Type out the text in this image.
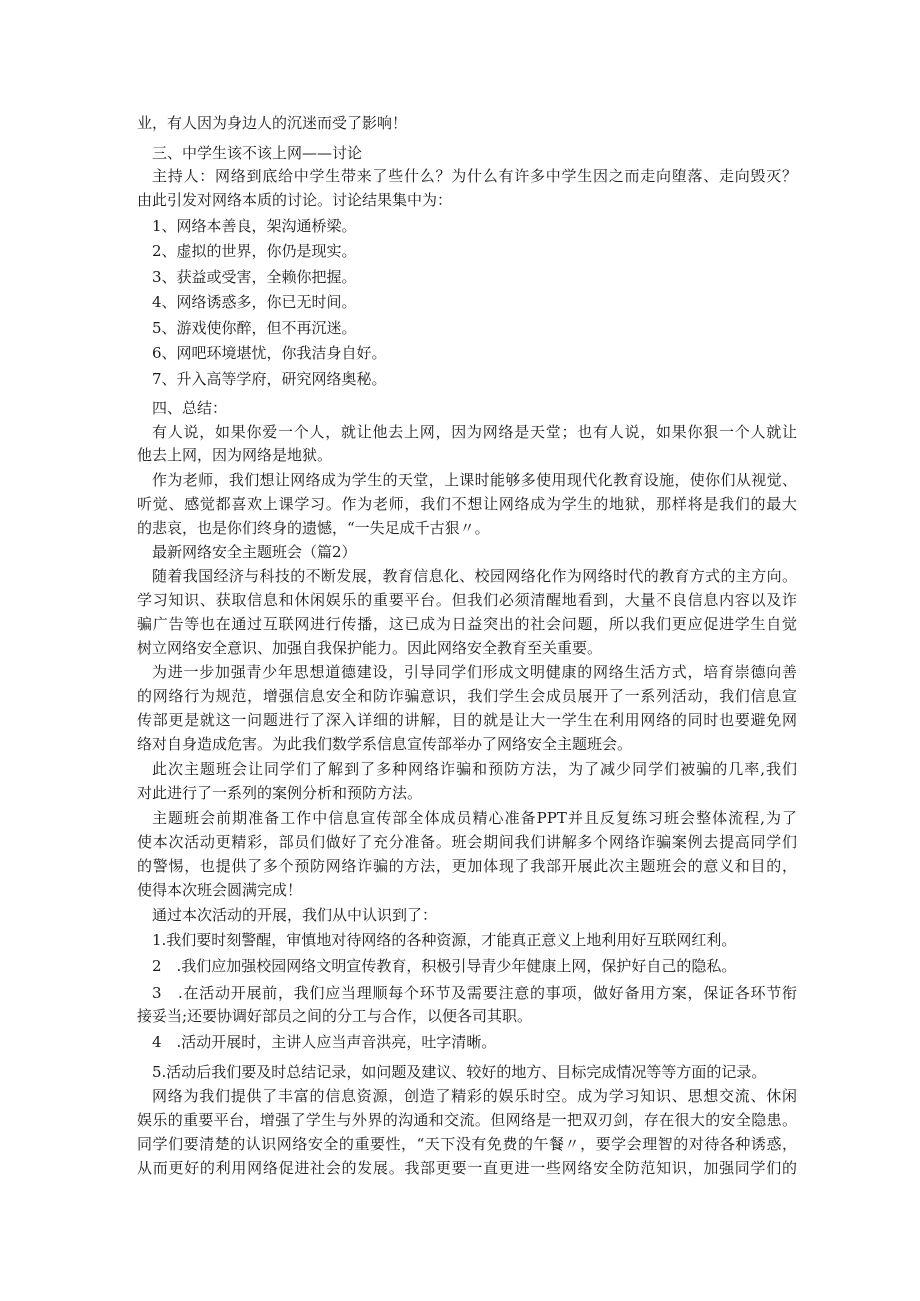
业，有人因为身边人的沉迷而受了影响！
三、中学生该不该上网——讨论
主持人：网络到底给中学生带来了些什么？为什么有许多中学生因之而走向堕落、走向毁灭？
由此引发对网络本质的讨论。讨论结果集中为：
1、网络本善良，架沟通桥梁。
2、虚拟的世界，你仍是现实。
3、获益或受害，全赖你把握。
4、网络诱惑多，你已无时间。
5、游戏使你醉，但不再沉迷。
6、网吧环境堪忧，你我洁身自好。
7、升入高等学府，研究网络奥秘。
四、总结：
有人说，如果你爱一个人，就让他去上网，因为网络是天堂；也有人说，如果你狠一个人就让
他去上网，因为网络是地狱。
作为老师，我们想让网络成为学生的天堂，上课时能够多使用现代化教育设施，使你们从视觉、
听觉、感觉都喜欢上课学习。作为老师，我们不想让网络成为学生的地狱，那样将是我们的最大
的悲哀，也是你们终身的遗憾，“一失足成千古狠〃。
最新网络安全主题班会（篇2）
随着我国经济与科技的不断发展，教育信息化、校园网络化作为网络时代的教育方式的主方向。
学习知识、获取信息和休闲娱乐的重要平台。但我们必须清醒地看到，大量不良信息内容以及诈
骗广告等也在通过互联网进行传播，这已成为日益突出的社会问题，所以我们更应促进学生自觉
树立网络安全意识、加强自我保护能力。因此网络安全教育至关重要。
为进一步加强青少年思想道德建设，引导同学们形成文明健康的网络生活方式，培育崇德向善
的网络行为规范，增强信息安全和防诈骗意识，我们学生会成员展开了一系列活动，我们信息宣
传部更是就这一问题进行了深入详细的讲解，目的就是让大一学生在利用网络的同时也要避免网
络对自身造成危害。为此我们数学系信息宣传部举办了网络安全主题班会。
此次主题班会让同学们了解到了多种网络诈骗和预防方法，为了减少同学们被骗的几率,我们
对此进行了一系列的案例分析和预防方法。
主题班会前期准备工作中信息宣传部全体成员精心准备PPT并且反复练习班会整体流程,为了
使本次活动更精彩，部员们做好了充分准备。班会期间我们讲解多个网络诈骗案例去提高同学们
的警惕，也提供了多个预防网络诈骗的方法，更加体现了我部开展此次主题班会的意义和目的，
使得本次班会圆满完成！
通过本次活动的开展，我们从中认识到了：
1.我们要时刻警醒，审慎地对待网络的各种资源，才能真正意义上地利用好互联网红利。
2　.我们应加强校园网络文明宣传教育，积极引导青少年健康上网，保护好自己的隐私。
3　.在活动开展前，我们应当理顺每个环节及需要注意的事项，做好备用方案，保证各环节衔
接妥当;还要协调好部员之间的分工与合作，以便各司其职。
4　.活动开展时，主讲人应当声音洪亮，吐字清晰。
5.活动后我们要及时总结记录，如问题及建议、较好的地方、目标完成情况等等方面的记录。
网络为我们提供了丰富的信息资源，创造了精彩的娱乐时空。成为学习知识、思想交流、休闲
娱乐的重要平台，增强了学生与外界的沟通和交流。但网络是一把双刃剑，存在很大的安全隐患。
同学们要清楚的认识网络安全的重要性，“天下没有免费的午餐〃，要学会理智的对待各种诱惑，
从而更好的利用网络促进社会的发展。我部更要一直更进一些网络安全防范知识，加强同学们的
